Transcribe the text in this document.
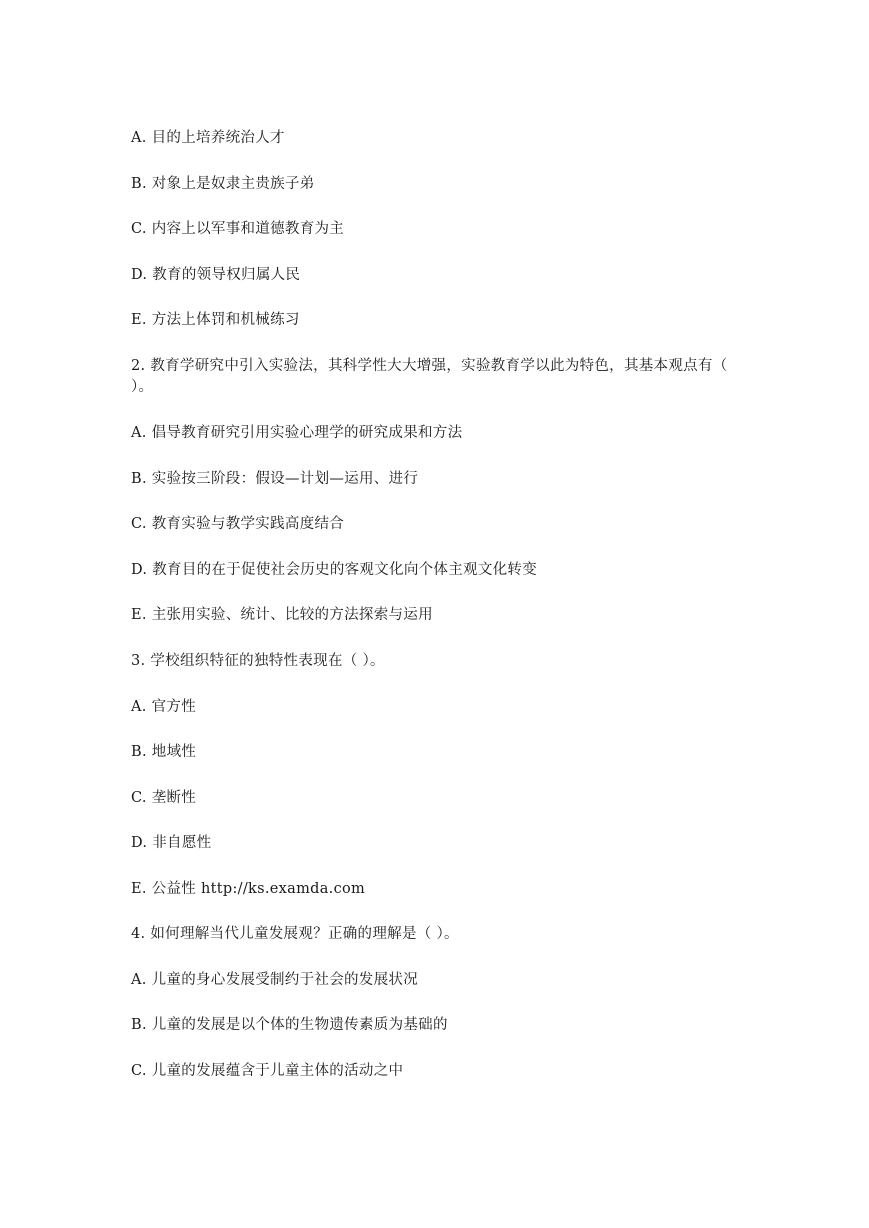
A. 目的上培养统治人才

B. 对象上是奴隶主贵族子弟

C. 内容上以军事和道德教育为主

D. 教育的领导权归属人民

E. 方法上体罚和机械练习

2. 教育学研究中引入实验法，其科学性大大增强，实验教育学以此为特色，其基本观点有（ ）。

A. 倡导教育研究引用实验心理学的研究成果和方法

B. 实验按三阶段：假设—计划—运用、进行

C. 教育实验与教学实践高度结合

D. 教育目的在于促使社会历史的客观文化向个体主观文化转变

E. 主张用实验、统计、比较的方法探索与运用

3. 学校组织特征的独特性表现在（ ）。

A. 官方性

B. 地域性

C. 垄断性

D. 非自愿性

E. 公益性 http://ks.examda.com

4. 如何理解当代儿童发展观？正确的理解是（ ）。

A. 儿童的身心发展受制约于社会的发展状况

B. 儿童的发展是以个体的生物遗传素质为基础的

C. 儿童的发展蕴含于儿童主体的活动之中
